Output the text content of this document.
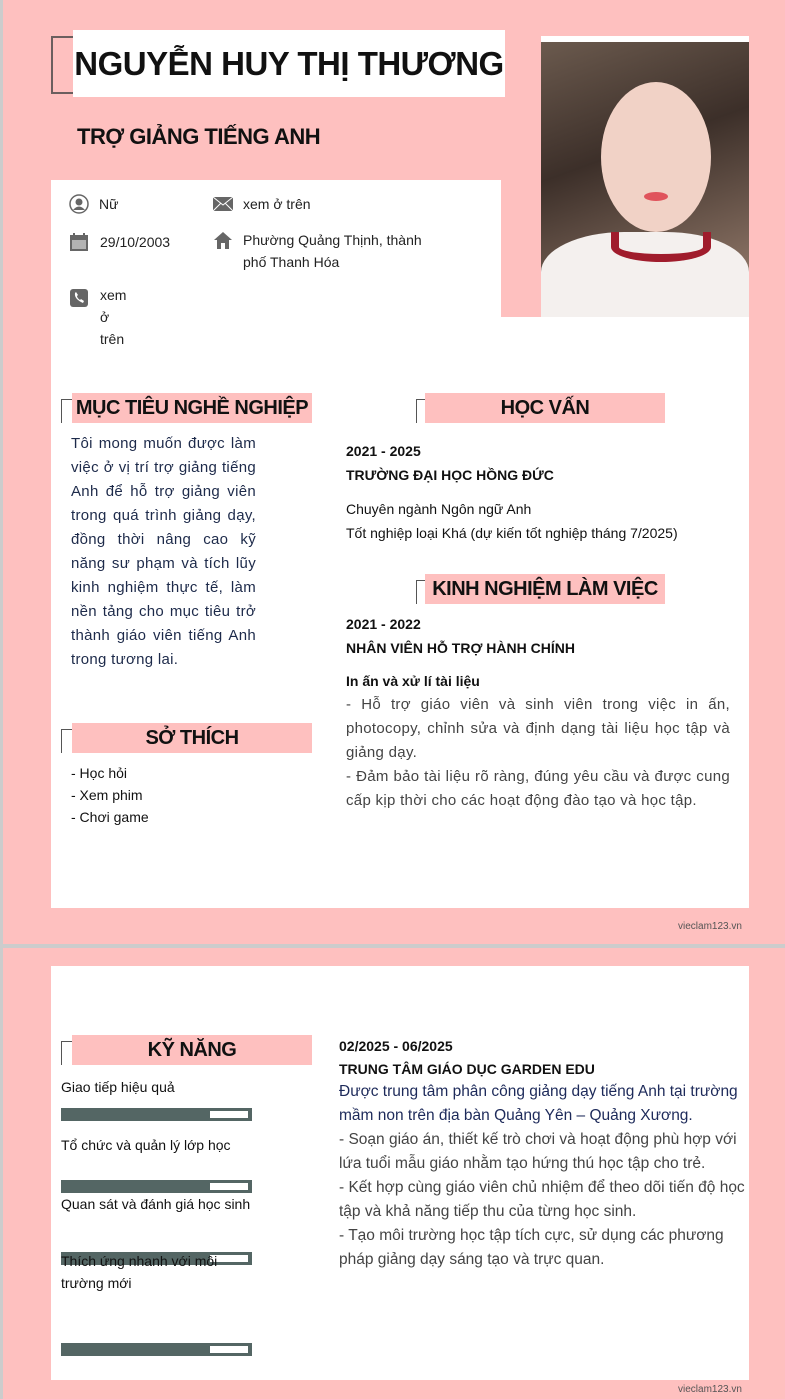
NGUYỄN HUY THỊ THƯƠNG
TRỢ GIẢNG TIẾNG ANH
Nữ	xem ở trên
29/10/2003	Phường Quảng Thịnh, thành phố Thanh Hóa
xem
ở
trên
MỤC TIÊU NGHỀ NGHIỆP
Tôi mong muốn được làm việc ở vị trí trợ giảng tiếng Anh để hỗ trợ giảng viên trong quá trình giảng dạy, đồng thời nâng cao kỹ năng sư phạm và tích lũy kinh nghiệm thực tế, làm nền tảng cho mục tiêu trở thành giáo viên tiếng Anh trong tương lai.
SỞ THÍCH
- Học hỏi
- Xem phim
- Chơi game
HỌC VẤN
2021 - 2025
TRƯỜNG ĐẠI HỌC HỒNG ĐỨC
Chuyên ngành Ngôn ngữ Anh
Tốt nghiệp loại Khá (dự kiến tốt nghiệp tháng 7/2025)
KINH NGHIỆM LÀM VIỆC
2021 - 2022
NHÂN VIÊN HỖ TRỢ HÀNH CHÍNH
In ấn và xử lí tài liệu
- Hỗ trợ giáo viên và sinh viên trong việc in ấn, photocopy, chỉnh sửa và định dạng tài liệu học tập và giảng dạy.
- Đảm bảo tài liệu rõ ràng, đúng yêu cầu và được cung cấp kịp thời cho các hoạt động đào tạo và học tập.
vieclam123.vn
KỸ NĂNG
Giao tiếp hiệu quả
Tổ chức và quản lý lớp học
Quan sát và đánh giá học sinh
Thích ứng nhanh với môi trường mới
02/2025 - 06/2025
TRUNG TÂM GIÁO DỤC GARDEN EDU
Được trung tâm phân công giảng dạy tiếng Anh tại trường mầm non trên địa bàn Quảng Yên – Quảng Xương.
- Soạn giáo án, thiết kế trò chơi và hoạt động phù hợp với lứa tuổi mẫu giáo nhằm tạo hứng thú học tập cho trẻ.
- Kết hợp cùng giáo viên chủ nhiệm để theo dõi tiến độ học tập và khả năng tiếp thu của từng học sinh.
- Tạo môi trường học tập tích cực, sử dụng các phương pháp giảng dạy sáng tạo và trực quan.
vieclam123.vn
